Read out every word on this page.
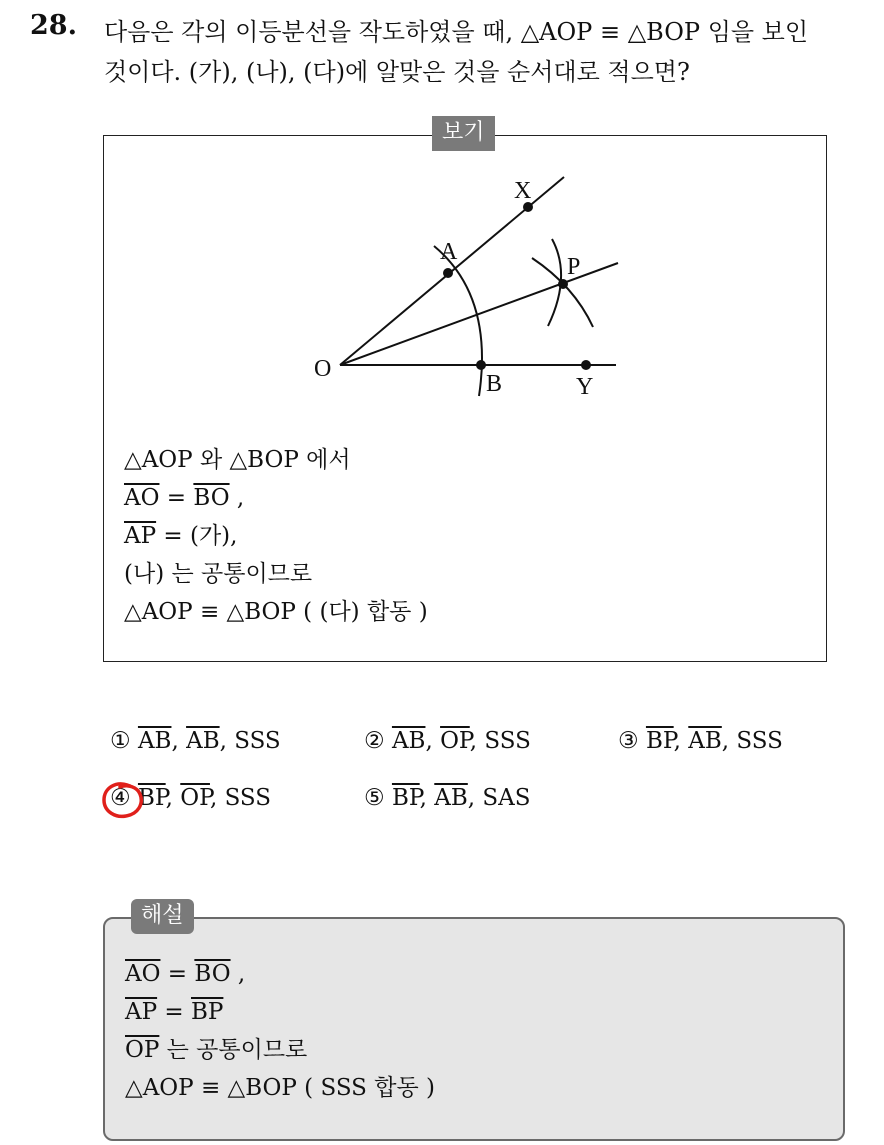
28. 다음은 각의 이등분선을 작도하였을 때, △AOP ≡ △BOP 임을 보인
것이다. (가), (나), (다)에 알맞은 것을 순서대로 적으면?
보기
O
A
B
P
X
Y
△AOP 와 △BOP 에서
$\overline{AO} = \overline{BO}$ ,
$\overline{AP}$ = (가),
(나) 는 공통이므로
△AOP ≡ △BOP ( (다) 합동 )
① $\overline{AB}$, $\overline{AB}$, SSS	② $\overline{AB}$, $\overline{OP}$, SSS	③ $\overline{BP}$, $\overline{AB}$, SSS
④ $\overline{BP}$, $\overline{OP}$, SSS	⑤ $\overline{BP}$, $\overline{AB}$, SAS
해설
$\overline{AO} = \overline{BO}$ ,
$\overline{AP} = \overline{BP}$
$\overline{OP}$ 는 공통이므로
△AOP ≡ △BOP ( SSS 합동 )
